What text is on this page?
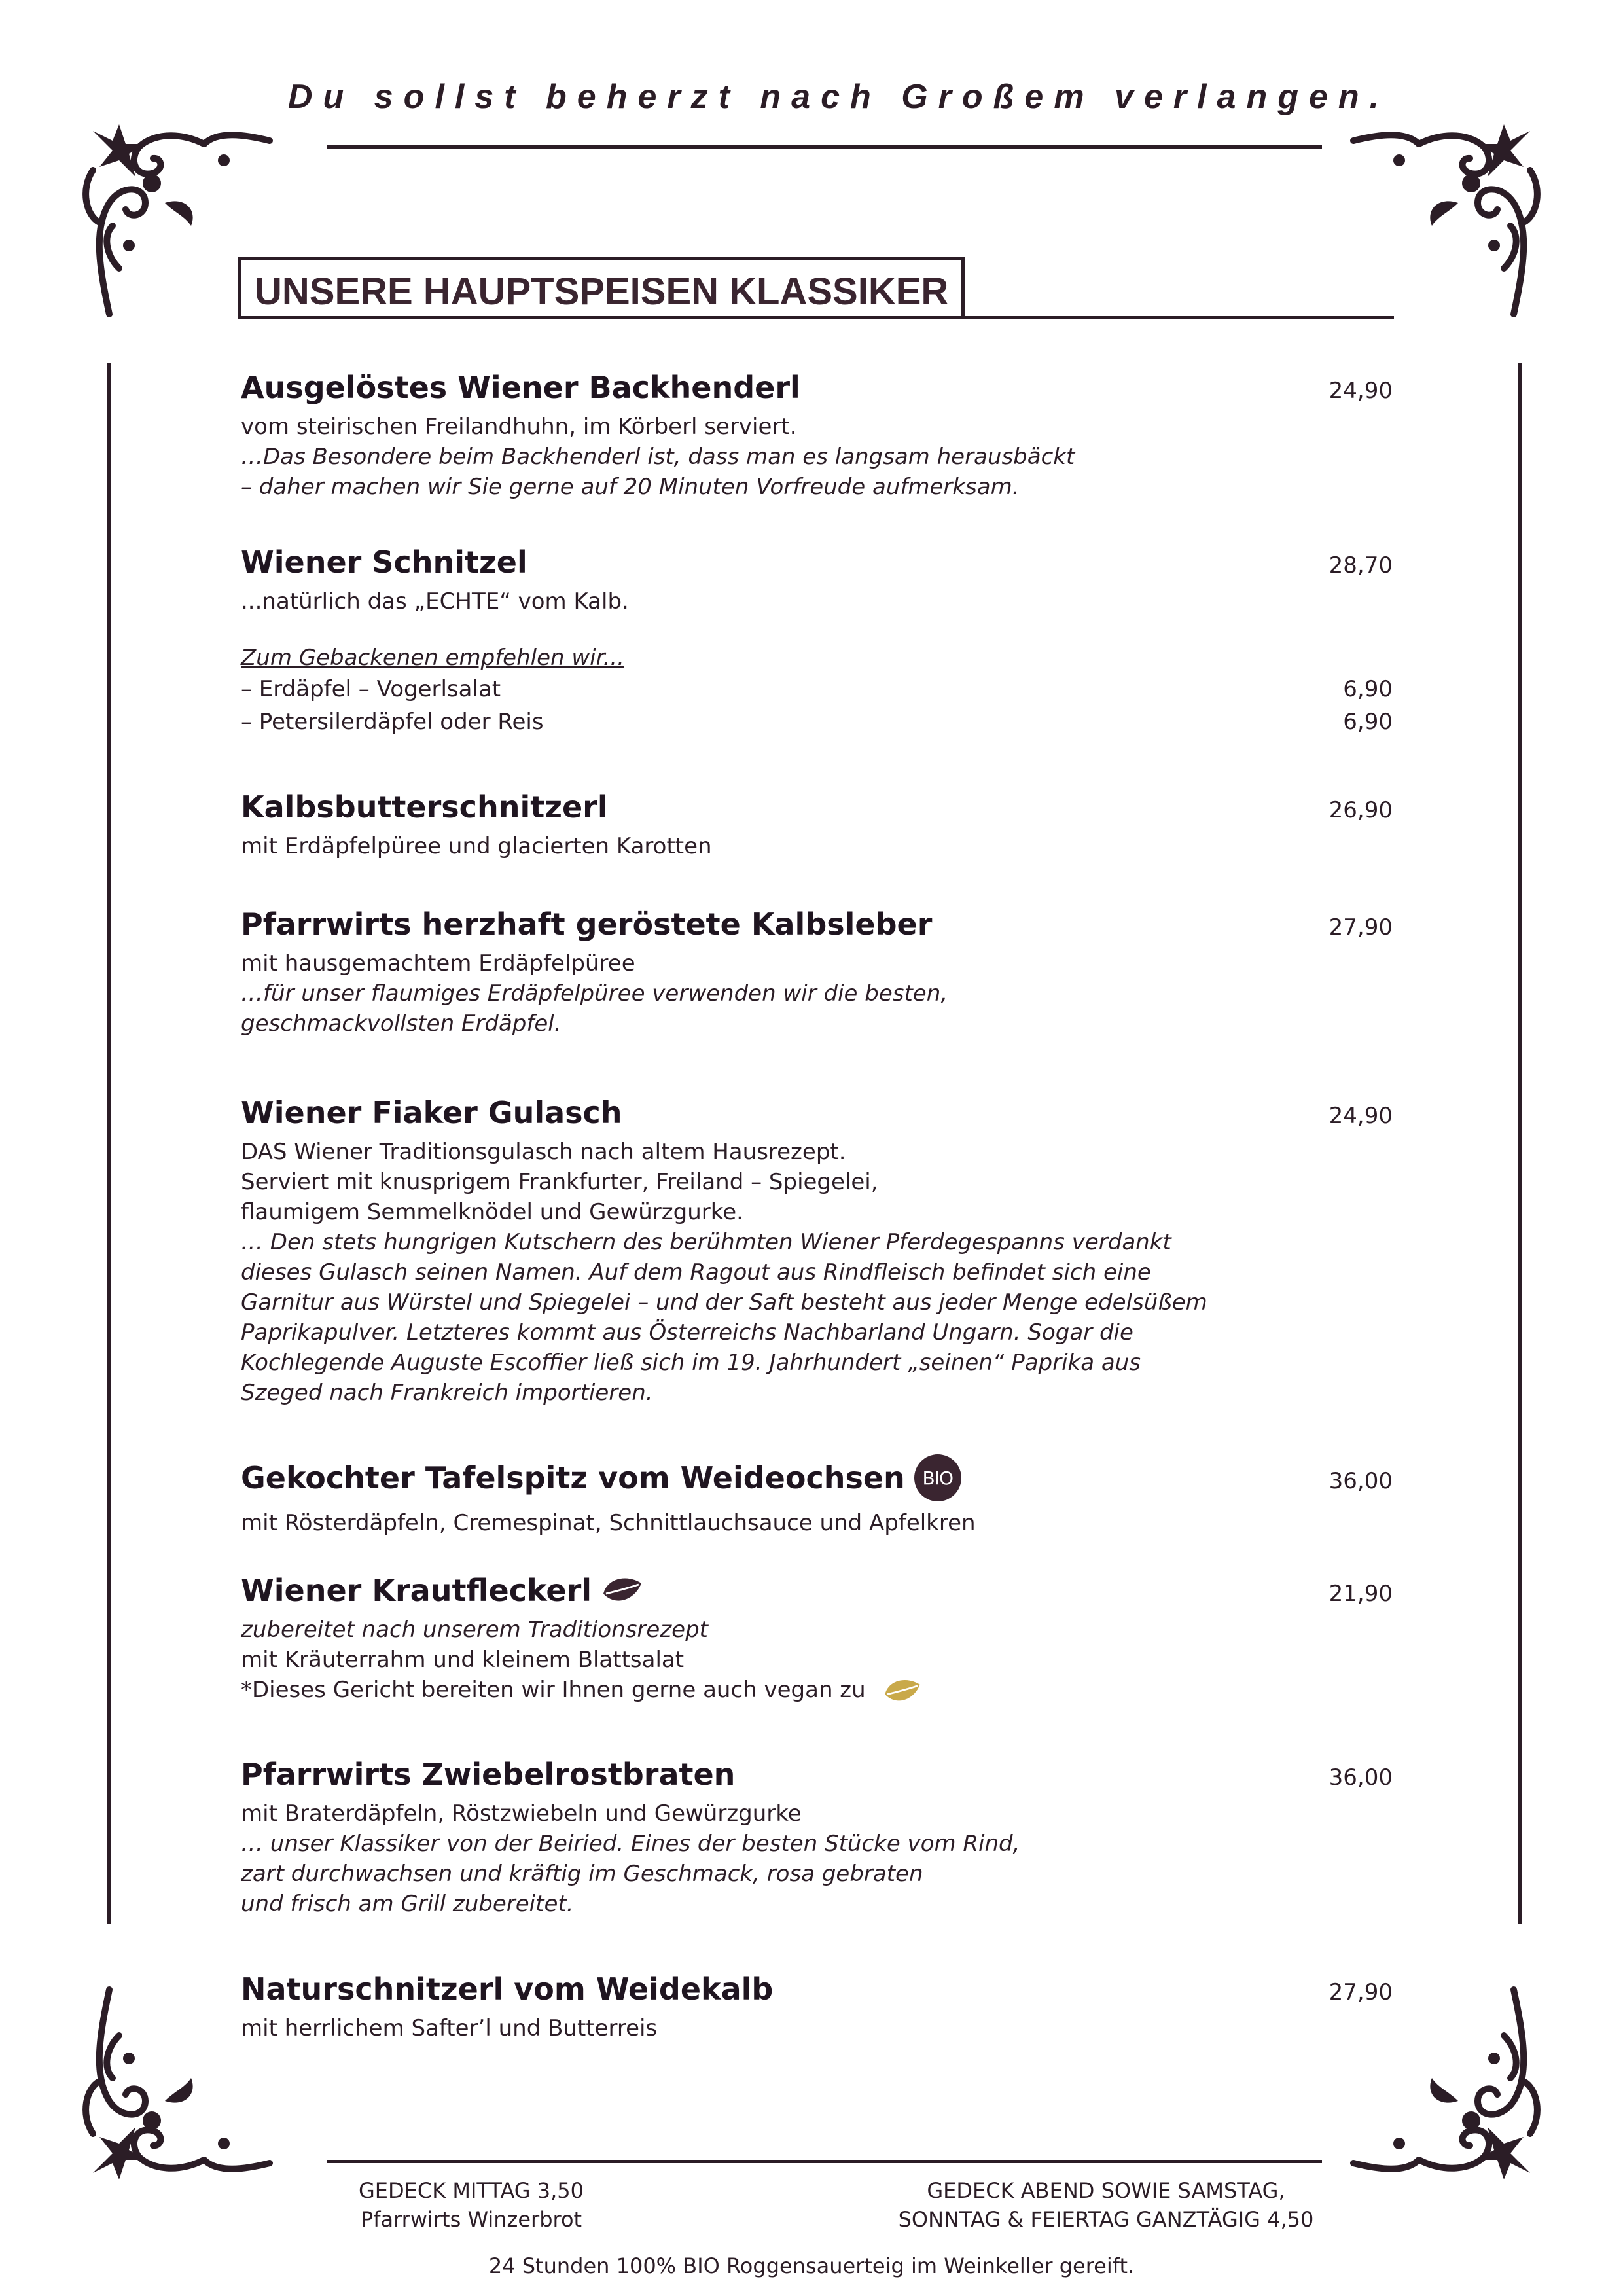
Du sollst beherzt nach Großem verlangen.
UNSERE HAUPTSPEISEN KLASSIKER
Ausgelöstes Wiener Backhenderl	24,90

vom steirischen Freilandhuhn, im Körberl serviert.

…Das Besondere beim Backhenderl ist, dass man es langsam herausbäckt

– daher machen wir Sie gerne auf 20 Minuten Vorfreude aufmerksam.

Wiener Schnitzel	28,70

...natürlich das „ECHTE“ vom Kalb.

Zum Gebackenen empfehlen wir...

– Erdäpfel – Vogerlsalat	6,90
– Petersilerdäpfel oder Reis	6,90
Kalbsbutterschnitzerl	26,90

mit Erdäpfelpüree und glacierten Karotten

Pfarrwirts herzhaft geröstete Kalbsleber	27,90

mit hausgemachtem Erdäpfelpüree

…für unser flaumiges Erdäpfelpüree verwenden wir die besten,

geschmackvollsten Erdäpfel.

Wiener Fiaker Gulasch	24,90

DAS Wiener Traditionsgulasch nach altem Hausrezept.

Serviert mit knusprigem Frankfurter, Freiland – Spiegelei,

flaumigem Semmelknödel und Gewürzgurke.

… Den stets hungrigen Kutschern des berühmten Wiener Pferdegespanns verdankt

dieses Gulasch seinen Namen. Auf dem Ragout aus Rindfleisch befindet sich eine

Garnitur aus Würstel und Spiegelei – und der Saft besteht aus jeder Menge edelsüßem

Paprikapulver. Letzteres kommt aus Österreichs Nachbarland Ungarn. Sogar die

Kochlegende Auguste Escoffier ließ sich im 19. Jahrhundert „seinen“ Paprika aus

Szeged nach Frankreich importieren.

Gekochter Tafelspitz vom Weideochsen BIO	36,00

mit Rösterdäpfeln, Cremespinat, Schnittlauchsauce und Apfelkren

Wiener Krautfleckerl	21,90

zubereitet nach unserem Traditionsrezept

mit Kräuterrahm und kleinem Blattsalat

*Dieses Gericht bereiten wir Ihnen gerne auch vegan zu

Pfarrwirts Zwiebelrostbraten	36,00

mit Braterdäpfeln, Röstzwiebeln und Gewürzgurke

… unser Klassiker von der Beiried. Eines der besten Stücke vom Rind,

zart durchwachsen und kräftig im Geschmack, rosa gebraten

und frisch am Grill zubereitet.

Naturschnitzerl vom Weidekalb	27,90

mit herrlichem Safter’l und Butterreis

GEDECK MITTAG 3,50
Pfarrwirts Winzerbrot
GEDECK ABEND SOWIE SAMSTAG,
SONNTAG & FEIERTAG GANZTÄGIG 4,50
24 Stunden 100% BIO Roggensauerteig im Weinkeller gereift.
